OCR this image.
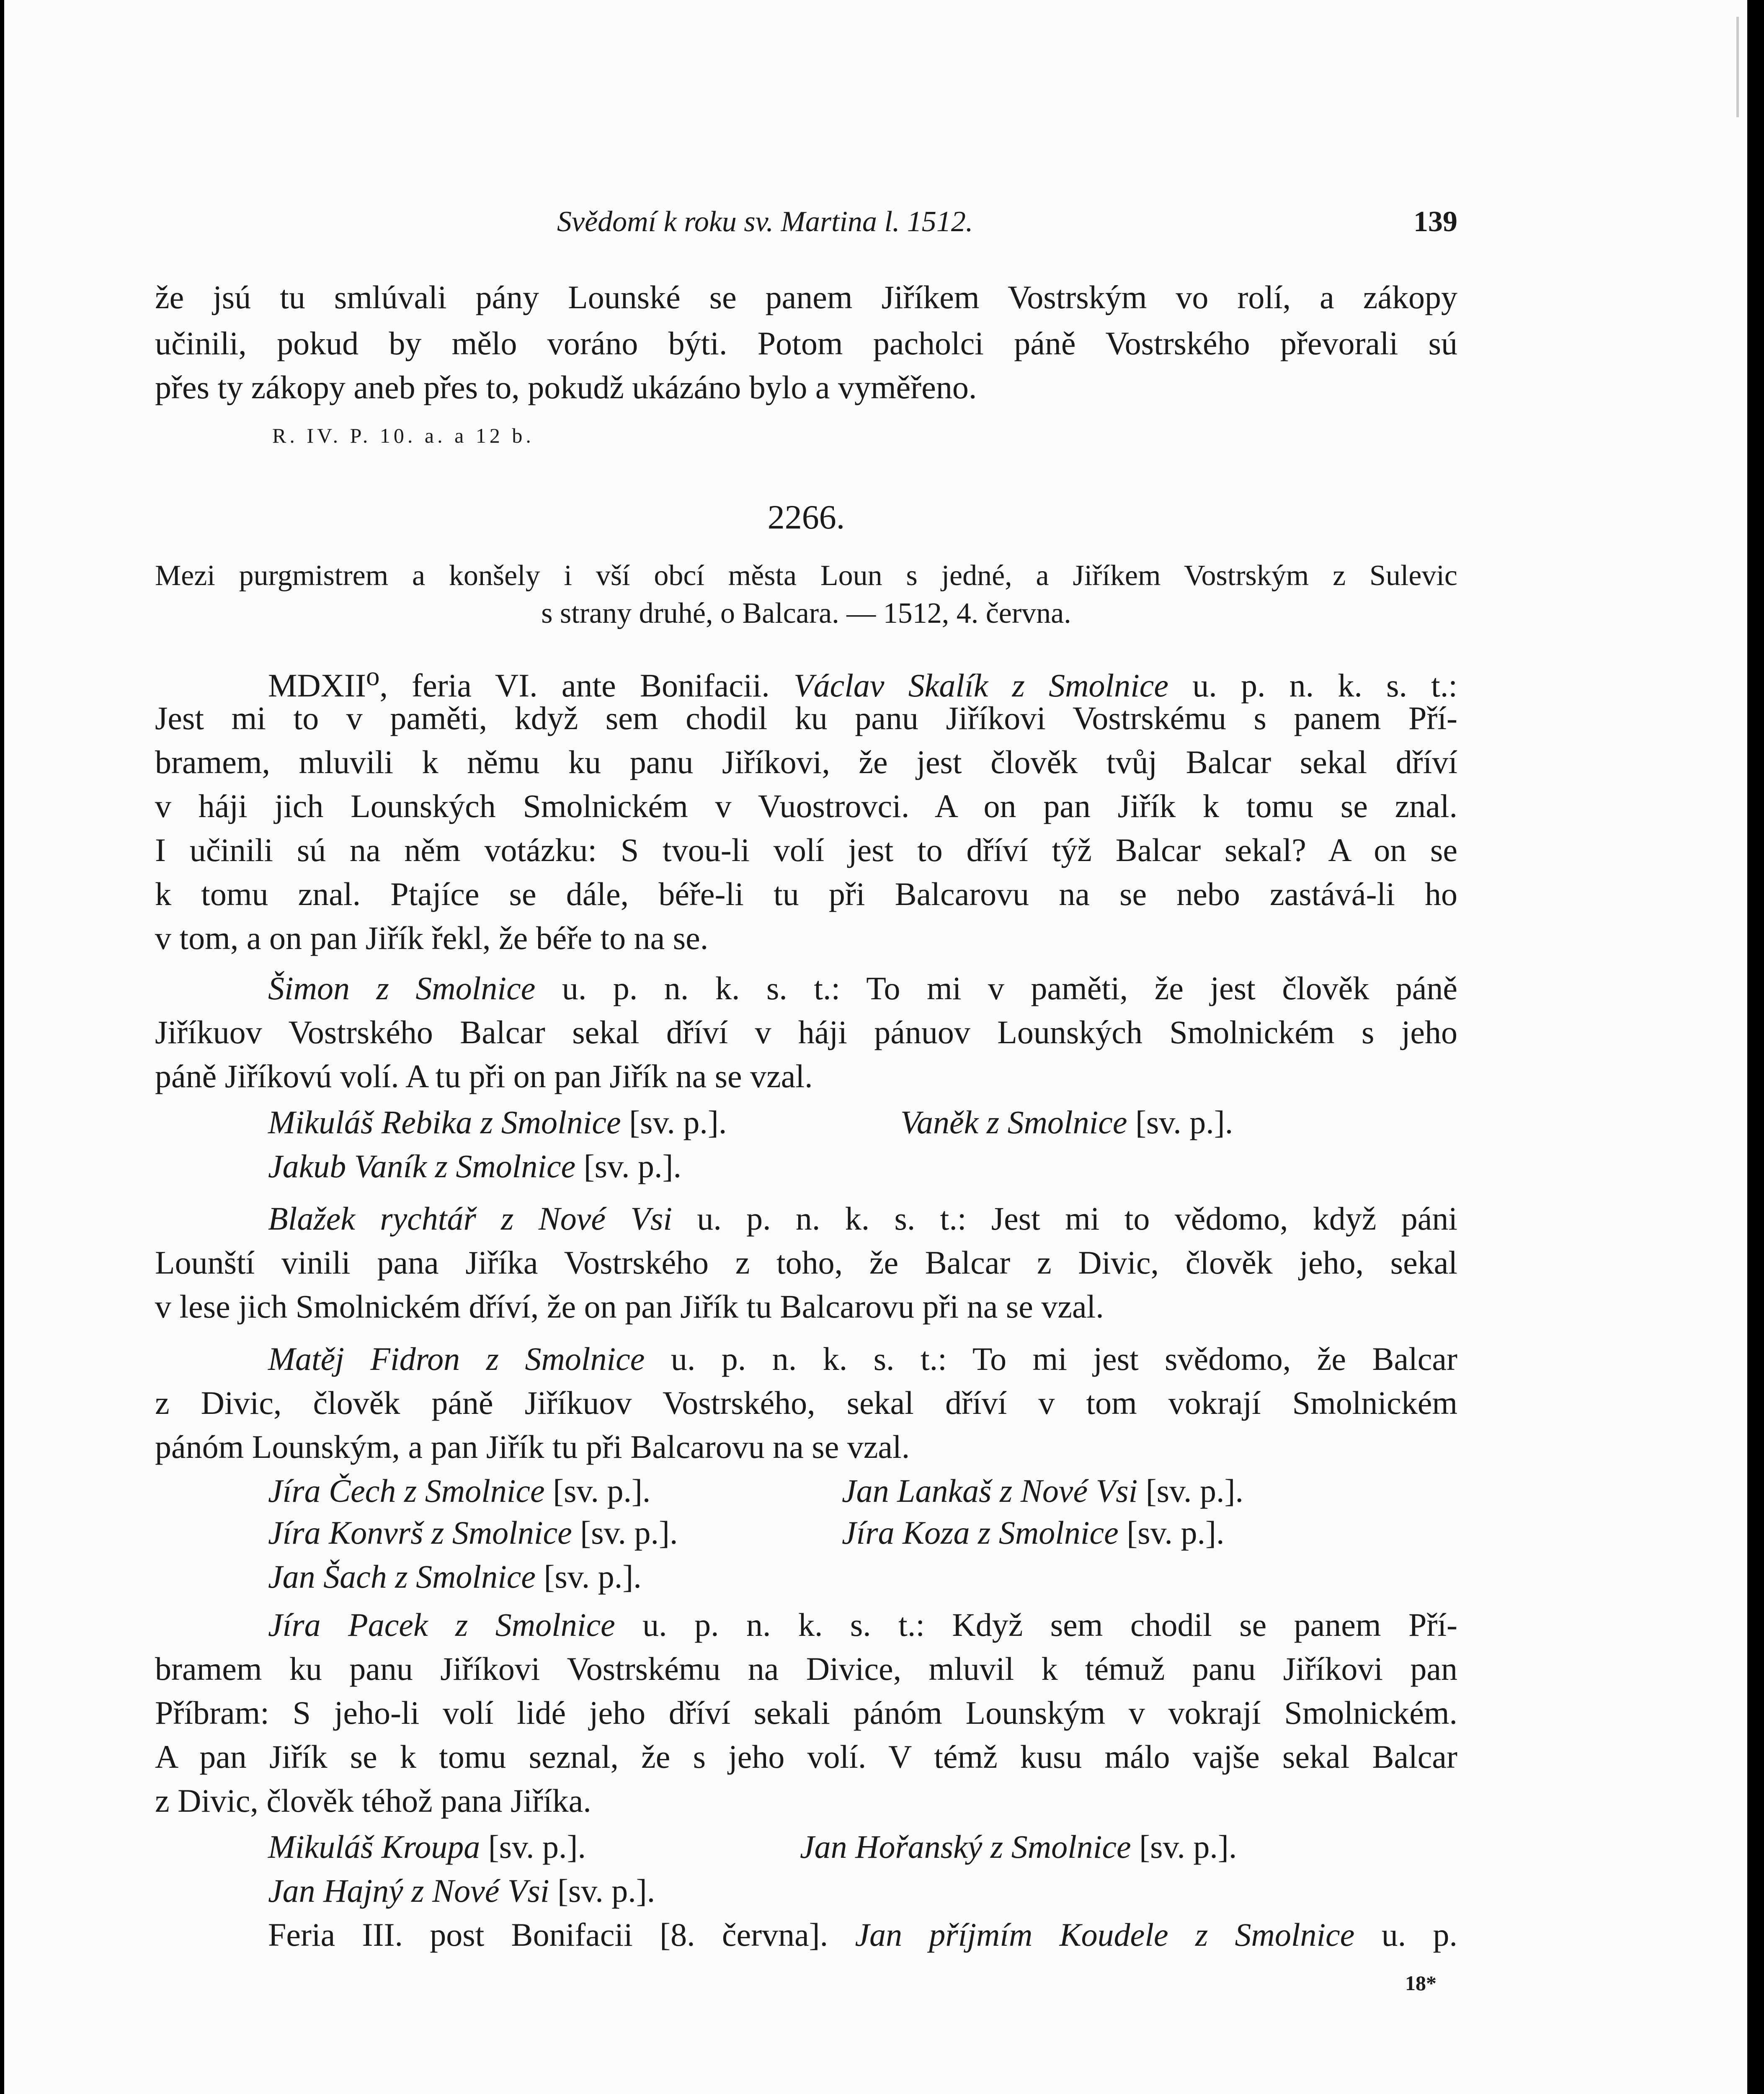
Svědomí k roku sv. Martina l. 1512.	139
že jsú tu smlúvali pány Lounské se panem Jiříkem Vostrským vo rolí, a zákopy
učinili, pokud by mělo voráno býti. Potom pacholci páně Vostrského převorali sú
přes ty zákopy aneb přes to, pokudž ukázáno bylo a vyměřeno.
R. IV. P. 10. a. a 12 b.
2266.
Mezi purgmistrem a konšely i vší obcí města Loun s jedné, a Jiříkem Vostrským z Sulevic
s strany druhé, o Balcara. — 1512, 4. června.
MDXII$^o$, feria VI. ante Bonifacii. Václav Skalík z Smolnice u. p. n. k. s. t.:
Jest mi to v paměti, když sem chodil ku panu Jiříkovi Vostrskému s panem Pří-
bramem, mluvili k němu ku panu Jiříkovi, že jest člověk tvůj Balcar sekal dříví
v háji jich Lounských Smolnickém v Vuostrovci. A on pan Jiřík k tomu se znal.
I učinili sú na něm votázku: S tvou-li volí jest to dříví týž Balcar sekal? A on se
k tomu znal. Ptajíce se dále, béře-li tu při Balcarovu na se nebo zastává-li ho
v tom, a on pan Jiřík řekl, že béře to na se.
Šimon z Smolnice u. p. n. k. s. t.: To mi v paměti, že jest člověk páně
Jiříkuov Vostrského Balcar sekal dříví v háji pánuov Lounských Smolnickém s jeho
páně Jiříkovú volí. A tu při on pan Jiřík na se vzal.
Mikuláš Rebika z Smolnice [sv. p.].	Vaněk z Smolnice [sv. p.].
Jakub Vaník z Smolnice [sv. p.].
Blažek rychtář z Nové Vsi u. p. n. k. s. t.: Jest mi to vědomo, když páni
Lounští vinili pana Jiříka Vostrského z toho, že Balcar z Divic, člověk jeho, sekal
v lese jich Smolnickém dříví, že on pan Jiřík tu Balcarovu při na se vzal.
Matěj Fidron z Smolnice u. p. n. k. s. t.: To mi jest svědomo, že Balcar
z Divic, člověk páně Jiříkuov Vostrského, sekal dříví v tom vokrají Smolnickém
pánóm Lounským, a pan Jiřík tu při Balcarovu na se vzal.
Jíra Čech z Smolnice [sv. p.].	Jan Lankaš z Nové Vsi [sv. p.].
Jíra Konvrš z Smolnice [sv. p.].	Jíra Koza z Smolnice [sv. p.].
Jan Šach z Smolnice [sv. p.].
Jíra Pacek z Smolnice u. p. n. k. s. t.: Když sem chodil se panem Pří-
bramem ku panu Jiříkovi Vostrskému na Divice, mluvil k témuž panu Jiříkovi pan
Příbram: S jeho-li volí lidé jeho dříví sekali pánóm Lounským v vokrají Smolnickém.
A pan Jiřík se k tomu seznal, že s jeho volí. V témž kusu málo vajše sekal Balcar
z Divic, člověk téhož pana Jiříka.
Mikuláš Kroupa [sv. p.].	Jan Hořanský z Smolnice [sv. p.].
Jan Hajný z Nové Vsi [sv. p.].
Feria III. post Bonifacii [8. června]. Jan příjmím Koudele z Smolnice u. p.
18*
